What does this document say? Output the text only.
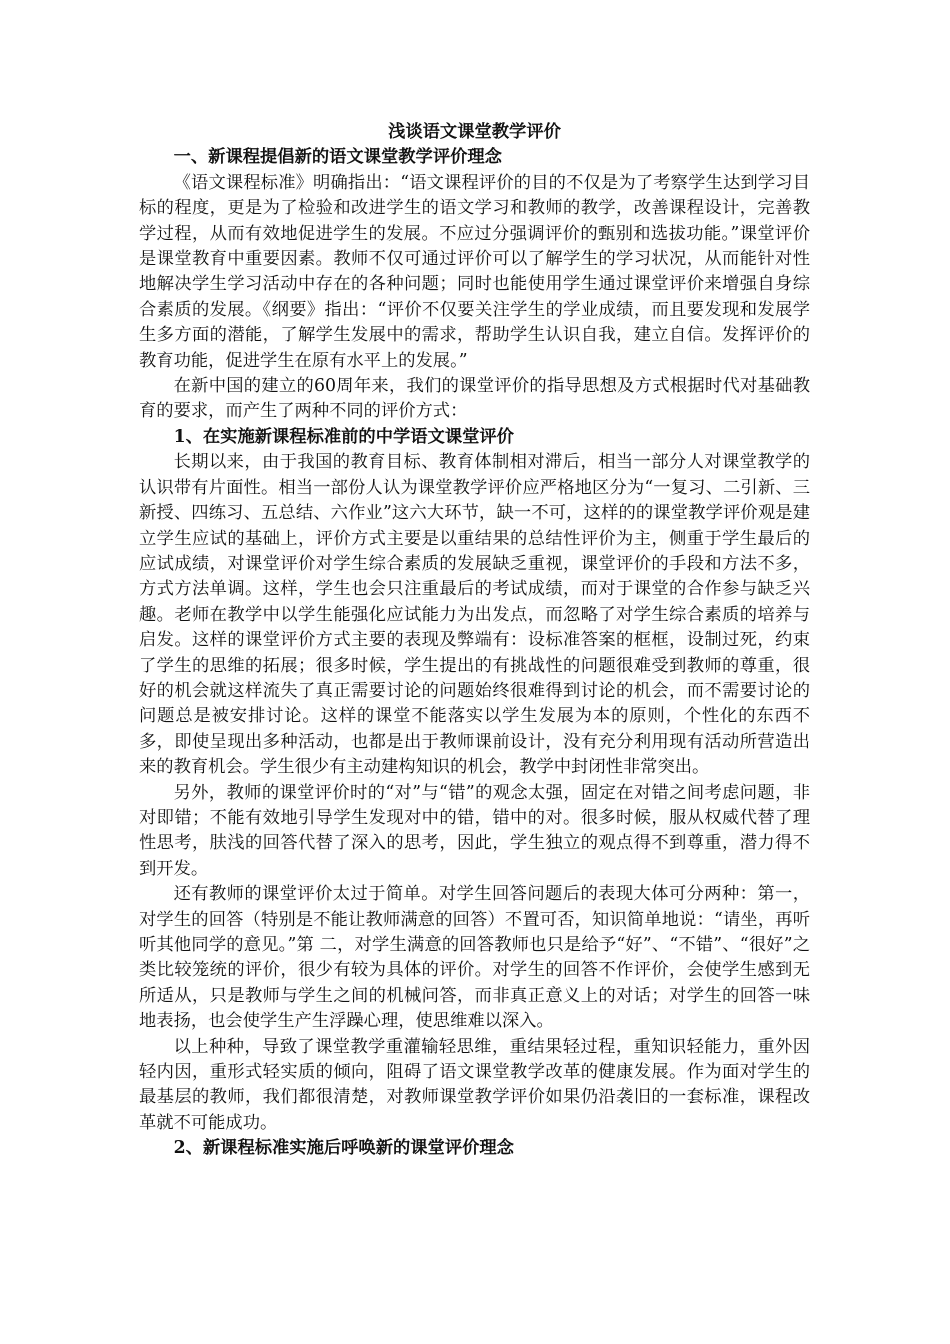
浅谈语文课堂教学评价

一、新课程提倡新的语文课堂教学评价理念

《语文课程标准》明确指出：“语文课程评价的目的不仅是为了考察学生达到学习目标的程度，更是为了检验和改进学生的语文学习和教师的教学，改善课程设计，完善教学过程，从而有效地促进学生的发展。不应过分强调评价的甄别和选拔功能。”课堂评价是课堂教育中重要因素。教师不仅可通过评价可以了解学生的学习状况，从而能针对性地解决学生学习活动中存在的各种问题；同时也能使用学生通过课堂评价来增强自身综合素质的发展。《纲要》指出：“评价不仅要关注学生的学业成绩，而且要发现和发展学生多方面的潜能，了解学生发展中的需求，帮助学生认识自我，建立自信。发挥评价的教育功能，促进学生在原有水平上的发展。”

在新中国的建立的60周年来，我们的课堂评价的指导思想及方式根据时代对基础教育的要求，而产生了两种不同的评价方式：

1、在实施新课程标准前的中学语文课堂评价

长期以来，由于我国的教育目标、教育体制相对滞后，相当一部分人对课堂教学的认识带有片面性。相当一部份人认为课堂教学评价应严格地区分为“一复习、二引新、三新授、四练习、五总结、六作业”这六大环节，缺一不可，这样的的课堂教学评价观是建立学生应试的基础上，评价方式主要是以重结果的总结性评价为主，侧重于学生最后的应试成绩，对课堂评价对学生综合素质的发展缺乏重视，课堂评价的手段和方法不多，方式方法单调。这样，学生也会只注重最后的考试成绩，而对于课堂的合作参与缺乏兴趣。老师在教学中以学生能强化应试能力为出发点，而忽略了对学生综合素质的培养与启发。这样的课堂评价方式主要的表现及弊端有：设标准答案的框框，设制过死，约束了学生的思维的拓展；很多时候，学生提出的有挑战性的问题很难受到教师的尊重，很好的机会就这样流失了真正需要讨论的问题始终很难得到讨论的机会，而不需要讨论的问题总是被安排讨论。这样的课堂不能落实以学生发展为本的原则，个性化的东西不多，即使呈现出多种活动，也都是出于教师课前设计，没有充分利用现有活动所营造出来的教育机会。学生很少有主动建构知识的机会，教学中封闭性非常突出。

另外，教师的课堂评价时的“对”与“错”的观念太强，固定在对错之间考虑问题，非对即错；不能有效地引导学生发现对中的错，错中的对。很多时候，服从权威代替了理性思考，肤浅的回答代替了深入的思考，因此，学生独立的观点得不到尊重，潜力得不到开发。

还有教师的课堂评价太过于简单。对学生回答问题后的表现大体可分两种：第一，对学生的回答（特别是不能让教师满意的回答）不置可否，知识简单地说：“请坐，再听听其他同学的意见。”第 二，对学生满意的回答教师也只是给予“好”、“不错”、“很好”之类比较笼统的评价，很少有较为具体的评价。对学生的回答不作评价，会使学生感到无所适从，只是教师与学生之间的机械问答，而非真正意义上的对话；对学生的回答一味地表扬，也会使学生产生浮躁心理，使思维难以深入。

以上种种，导致了课堂教学重灌输轻思维，重结果轻过程，重知识轻能力，重外因轻内因，重形式轻实质的倾向，阻碍了语文课堂教学改革的健康发展。作为面对学生的最基层的教师，我们都很清楚，对教师课堂教学评价如果仍沿袭旧的一套标准，课程改革就不可能成功。

2、新课程标准实施后呼唤新的课堂评价理念
